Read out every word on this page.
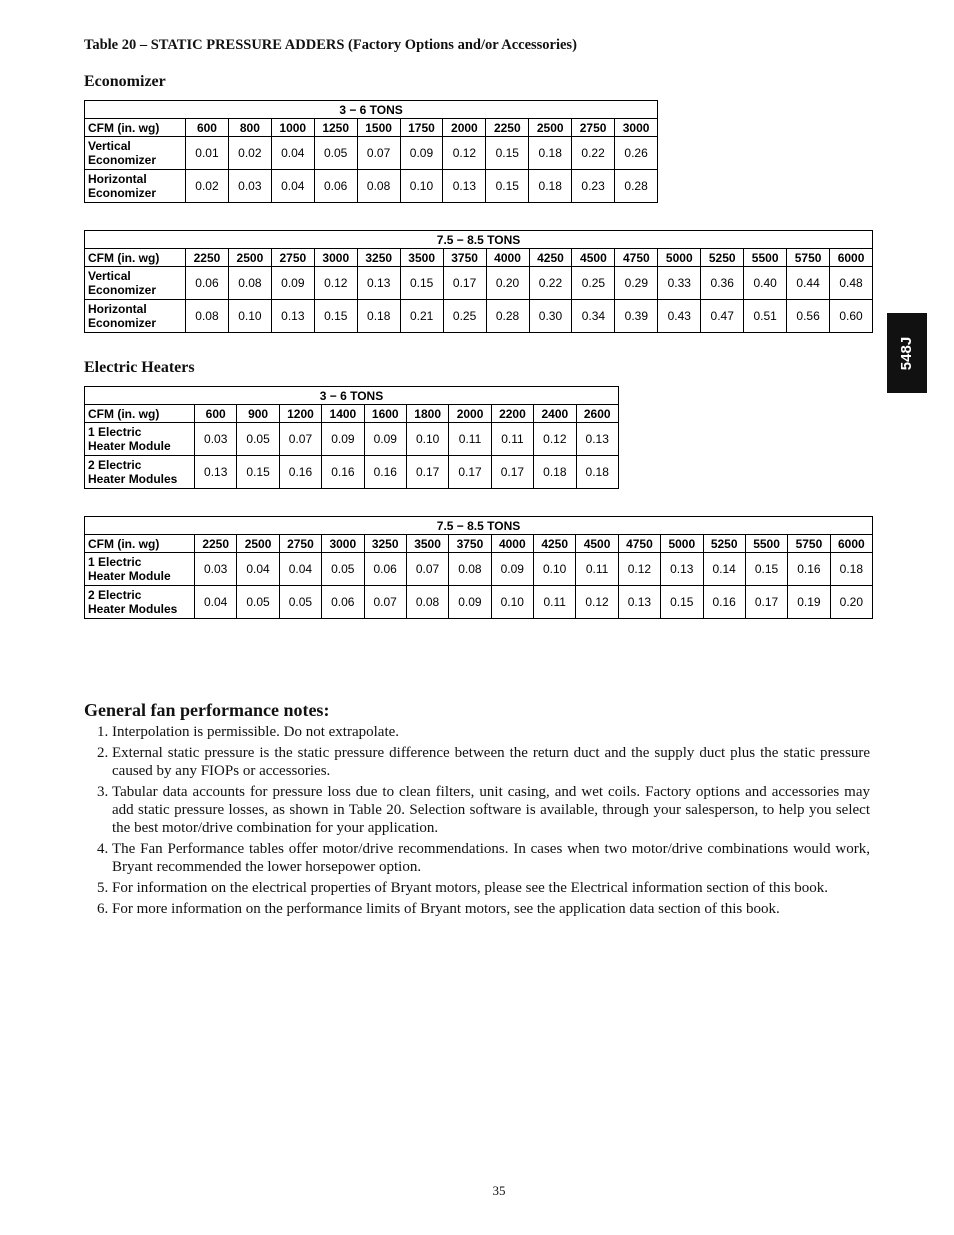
Table 20 – STATIC PRESSURE ADDERS (Factory Options and/or Accessories)
Economizer
3 − 6 TONS											
CFM (in. wg)	600	800	1000	1250	1500	1750	2000	2250	2500	2750	3000
Vertical
Economizer	0.01	0.02	0.04	0.05	0.07	0.09	0.12	0.15	0.18	0.22	0.26
Horizontal
Economizer	0.02	0.03	0.04	0.06	0.08	0.10	0.13	0.15	0.18	0.23	0.28
7.5 − 8.5 TONS																
CFM (in. wg)	2250	2500	2750	3000	3250	3500	3750	4000	4250	4500	4750	5000	5250	5500	5750	6000
Vertical
Economizer	0.06	0.08	0.09	0.12	0.13	0.15	0.17	0.20	0.22	0.25	0.29	0.33	0.36	0.40	0.44	0.48
Horizontal
Economizer	0.08	0.10	0.13	0.15	0.18	0.21	0.25	0.28	0.30	0.34	0.39	0.43	0.47	0.51	0.56	0.60
548J
Electric Heaters
3 − 6 TONS										
CFM (in. wg)	600	900	1200	1400	1600	1800	2000	2200	2400	2600
1 Electric
Heater Module	0.03	0.05	0.07	0.09	0.09	0.10	0.11	0.11	0.12	0.13
2 Electric
Heater Modules	0.13	0.15	0.16	0.16	0.16	0.17	0.17	0.17	0.18	0.18
7.5 − 8.5 TONS																
CFM (in. wg)	2250	2500	2750	3000	3250	3500	3750	4000	4250	4500	4750	5000	5250	5500	5750	6000
1 Electric
Heater Module	0.03	0.04	0.04	0.05	0.06	0.07	0.08	0.09	0.10	0.11	0.12	0.13	0.14	0.15	0.16	0.18
2 Electric
Heater Modules	0.04	0.05	0.05	0.06	0.07	0.08	0.09	0.10	0.11	0.12	0.13	0.15	0.16	0.17	0.19	0.20
General fan performance notes:
1. Interpolation is permissible. Do not extrapolate.
2. External static pressure is the static pressure difference between the return duct and the supply duct plus the static pressure caused by any FIOPs or accessories.
3. Tabular data accounts for pressure loss due to clean filters, unit casing, and wet coils. Factory options and accessories may add static pressure losses, as shown in Table 20. Selection software is available, through your salesperson, to help you select the best motor/drive combination for your application.
4. The Fan Performance tables offer motor/drive recommendations. In cases when two motor/drive combinations would work, Bryant recommended the lower horsepower option.
5. For information on the electrical properties of Bryant motors, please see the Electrical information section of this book.
6. For more information on the performance limits of Bryant motors, see the application data section of this book.
35
